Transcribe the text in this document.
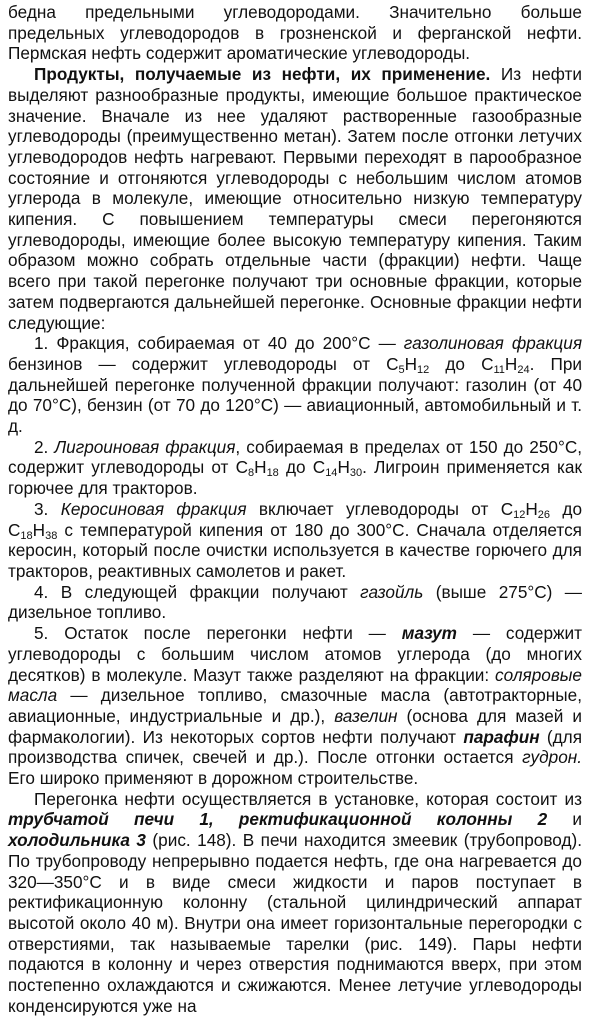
бедна предельными углеводородами. Значительно больше предельных углеводородов в грозненской и ферганской нефти. Пермская нефть содержит ароматические углеводороды.

Продукты, получаемые из нефти, их применение. Из нефти выделяют разнообразные продукты, имеющие большое практическое значение. Вначале из нее удаляют растворенные газообразные углеводороды (преимущественно метан). Затем после отгонки летучих углеводородов нефть нагревают. Первыми переходят в парообразное состояние и отгоняются углеводороды с небольшим числом атомов углерода в молекуле, имеющие относительно низкую температуру кипения. С повышением температуры смеси перегоняются углеводороды, имеющие более высокую температуру кипения. Таким образом можно собрать отдельные части (фракции) нефти. Чаще всего при такой перегонке получают три основные фракции, которые затем подвергаются дальнейшей перегонке. Основные фракции нефти следующие:

1. Фракция, собираемая от 40 до 200°С — газолиновая фракция бензинов — содержит углеводороды от $C_5H_{12}$ до $C_{11}H_{24}$. При дальнейшей перегонке полученной фракции получают: газолин (от 40 до 70°С), бензин (от 70 до 120°С) — авиационный, автомобильный и т. д.

2. Лигроиновая фракция, собираемая в пределах от 150 до 250°С, содержит углеводороды от $C_8H_{18}$ до $C_{14}H_{30}$. Лигроин применяется как горючее для тракторов.

3. Керосиновая фракция включает углеводороды от $C_{12}H_{26}$ до $C_{18}H_{38}$ с температурой кипения от 180 до 300°С. Сначала отделяется керосин, который после очистки используется в качестве горючего для тракторов, реактивных самолетов и ракет.

4. В следующей фракции получают газойль (выше 275°С) — дизельное топливо.

5. Остаток после перегонки нефти — мазут — содержит углеводороды с большим числом атомов углерода (до многих десятков) в молекуле. Мазут также разделяют на фракции: соляровые масла — дизельное топливо, смазочные масла (автотракторные, авиационные, индустриальные и др.), вазелин (основа для мазей и фармакологии). Из некоторых сортов нефти получают парафин (для производства спичек, свечей и др.). После отгонки остается гудрон. Его широко применяют в дорожном строительстве.

Перегонка нефти осуществляется в установке, которая состоит из трубчатой печи 1, ректификационной колонны 2 и холодильника 3 (рис. 148). В печи находится змеевик (трубопровод). По трубопроводу непрерывно подается нефть, где она нагревается до 320—350°С и в виде смеси жидкости и паров поступает в ректификационную колонну (стальной цилиндрический аппарат высотой около 40 м). Внутри она имеет горизонтальные перегородки с отверстиями, так называемые тарелки (рис. 149). Пары нефти подаются в колонну и через отверстия поднимаются вверх, при этом постепенно охлаждаются и сжижаются. Менее летучие углеводороды конденсируются уже на
